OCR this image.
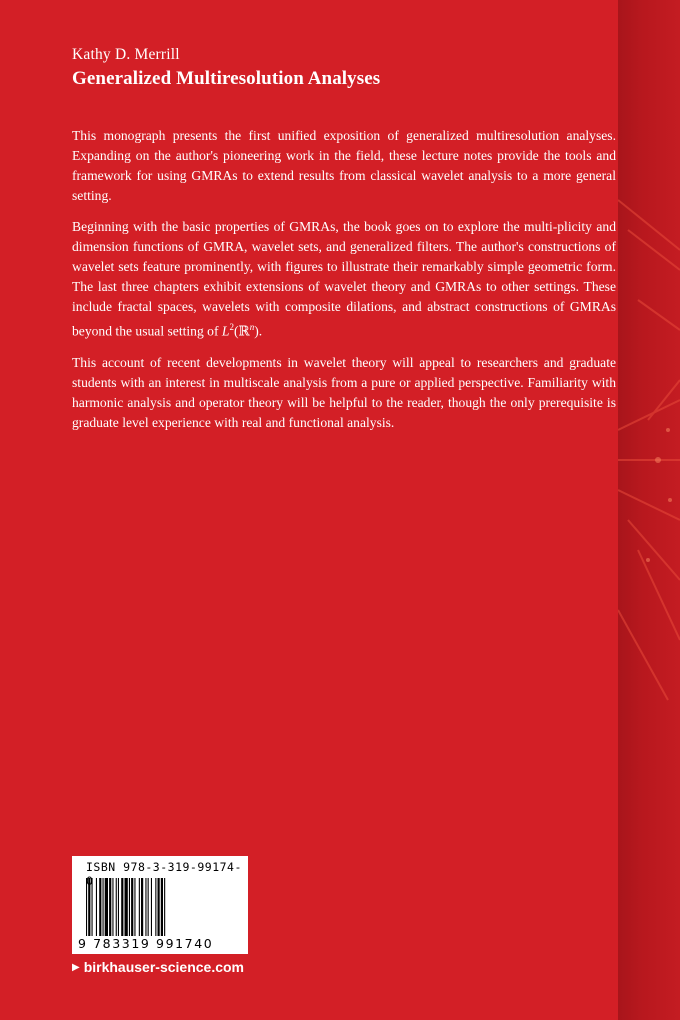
Kathy D. Merrill
Generalized Multiresolution Analyses

This monograph presents the first unified exposition of generalized multiresolution analyses. Expanding on the author's pioneering work in the field, these lecture notes provide the tools and framework for using GMRAs to extend results from classical wavelet analysis to a more general setting.

Beginning with the basic properties of GMRAs, the book goes on to explore the multi-plicity and dimension functions of GMRA, wavelet sets, and generalized filters. The author's constructions of wavelet sets feature prominently, with figures to illustrate their remarkably simple geometric form. The last three chapters exhibit extensions of wavelet theory and GMRAs to other settings. These include fractal spaces, wavelets with composite dilations, and abstract constructions of GMRAs beyond the usual setting of $L^2(ℝ^n)$.

This account of recent developments in wavelet theory will appeal to researchers and graduate students with an interest in multiscale analysis from a pure or applied perspective. Familiarity with harmonic analysis and operator theory will be helpful to the reader, though the only prerequisite is graduate level experience with real and functional analysis.

ISBN 978-3-319-99174-
9 783319 991740
▶ birkhauser-science.com
